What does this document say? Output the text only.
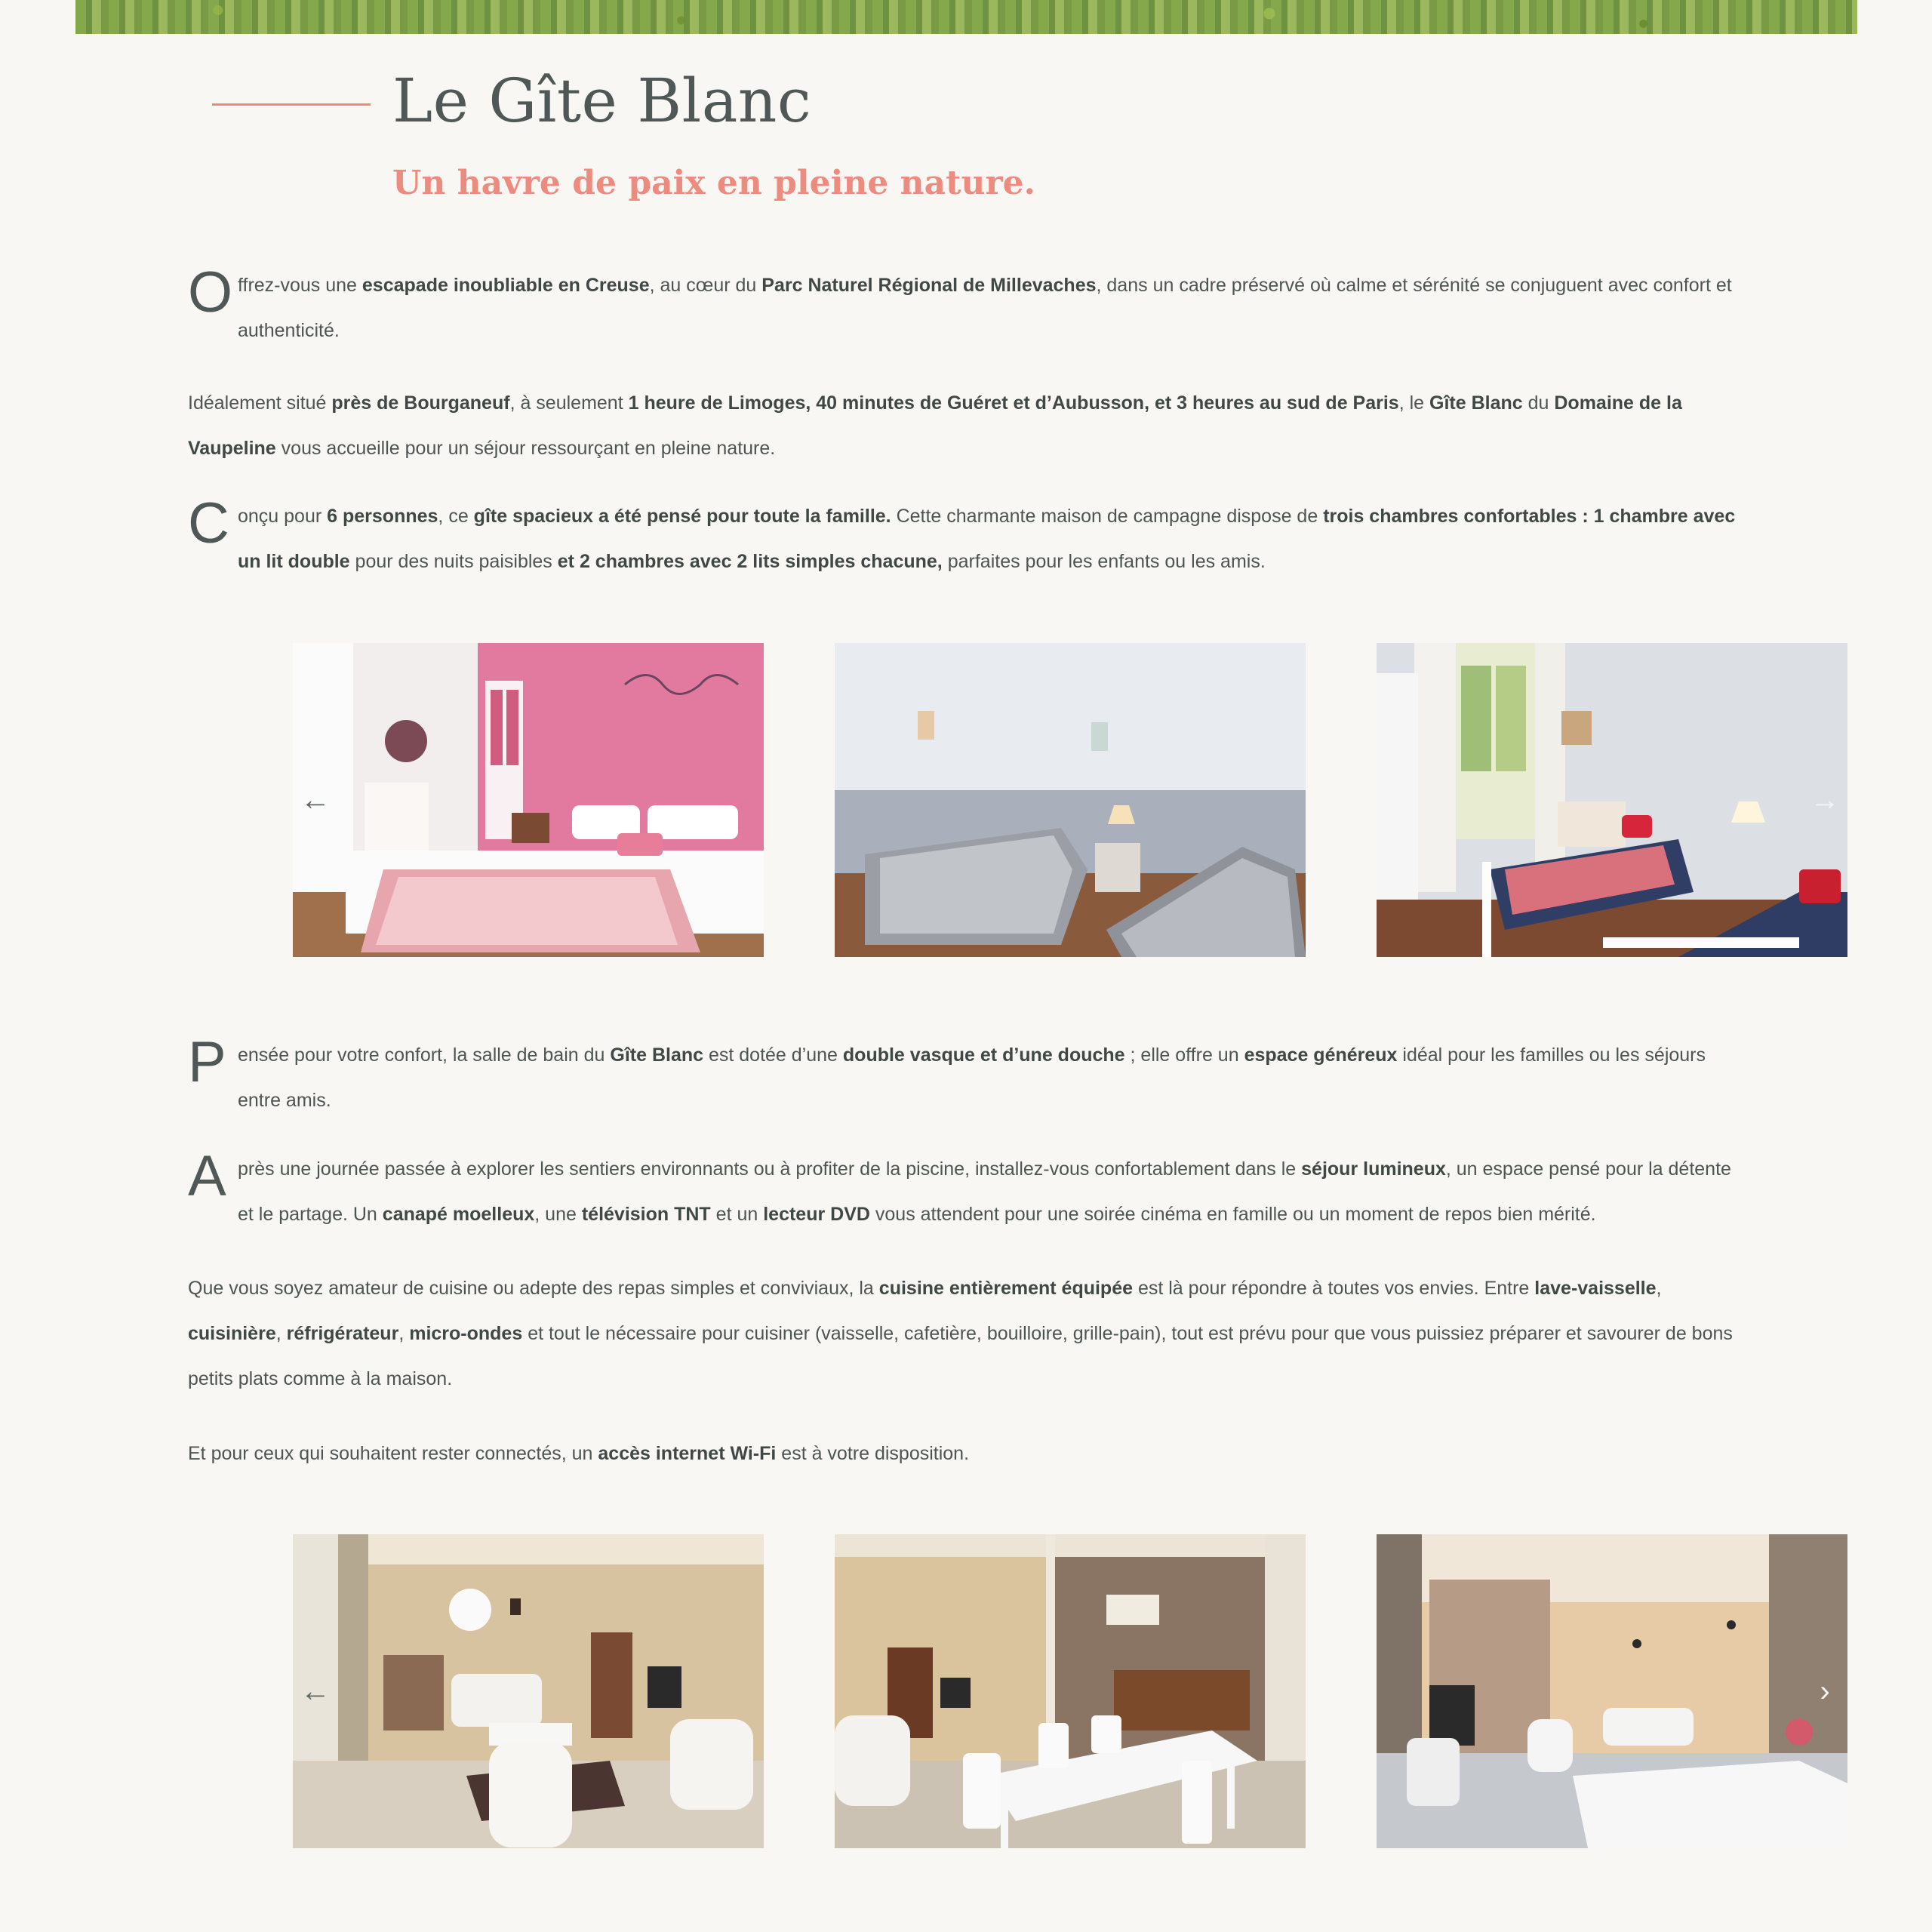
Le Gîte Blanc
Un havre de paix en pleine nature.
O ffrez-vous une escapade inoubliable en Creuse, au cœur du Parc Naturel Régional de Millevaches, dans un cadre préservé où calme et sérénité se conjuguent avec confort et authenticité.

Idéalement situé près de Bourganeuf, à seulement 1 heure de Limoges, 40 minutes de Guéret et d’Aubusson, et 3 heures au sud de Paris, le Gîte Blanc du Domaine de la Vaupeline vous accueille pour un séjour ressourçant en pleine nature.

C onçu pour 6 personnes, ce gîte spacieux a été pensé pour toute la famille. Cette charmante maison de campagne dispose de trois chambres confortables : 1 chambre avec un lit double pour des nuits paisibles et 2 chambres avec 2 lits simples chacune, parfaites pour les enfants ou les amis.
←	→
P ensée pour votre confort, la salle de bain du Gîte Blanc est dotée d’une double vasque et d’une douche ; elle offre un espace généreux idéal pour les familles ou les séjours entre amis.
A près une journée passée à explorer les sentiers environnants ou à profiter de la piscine, installez-vous confortablement dans le séjour lumineux, un espace pensé pour la détente et le partage. Un canapé moelleux, une télévision TNT et un lecteur DVD vous attendent pour une soirée cinéma en famille ou un moment de repos bien mérité.

Que vous soyez amateur de cuisine ou adepte des repas simples et conviviaux, la cuisine entièrement équipée est là pour répondre à toutes vos envies. Entre lave-vaisselle, cuisinière, réfrigérateur, micro-ondes et tout le nécessaire pour cuisiner (vaisselle, cafetière, bouilloire, grille-pain), tout est prévu pour que vous puissiez préparer et savourer de bons petits plats comme à la maison.

Et pour ceux qui souhaitent rester connectés, un accès internet Wi-Fi est à votre disposition.

←	›
